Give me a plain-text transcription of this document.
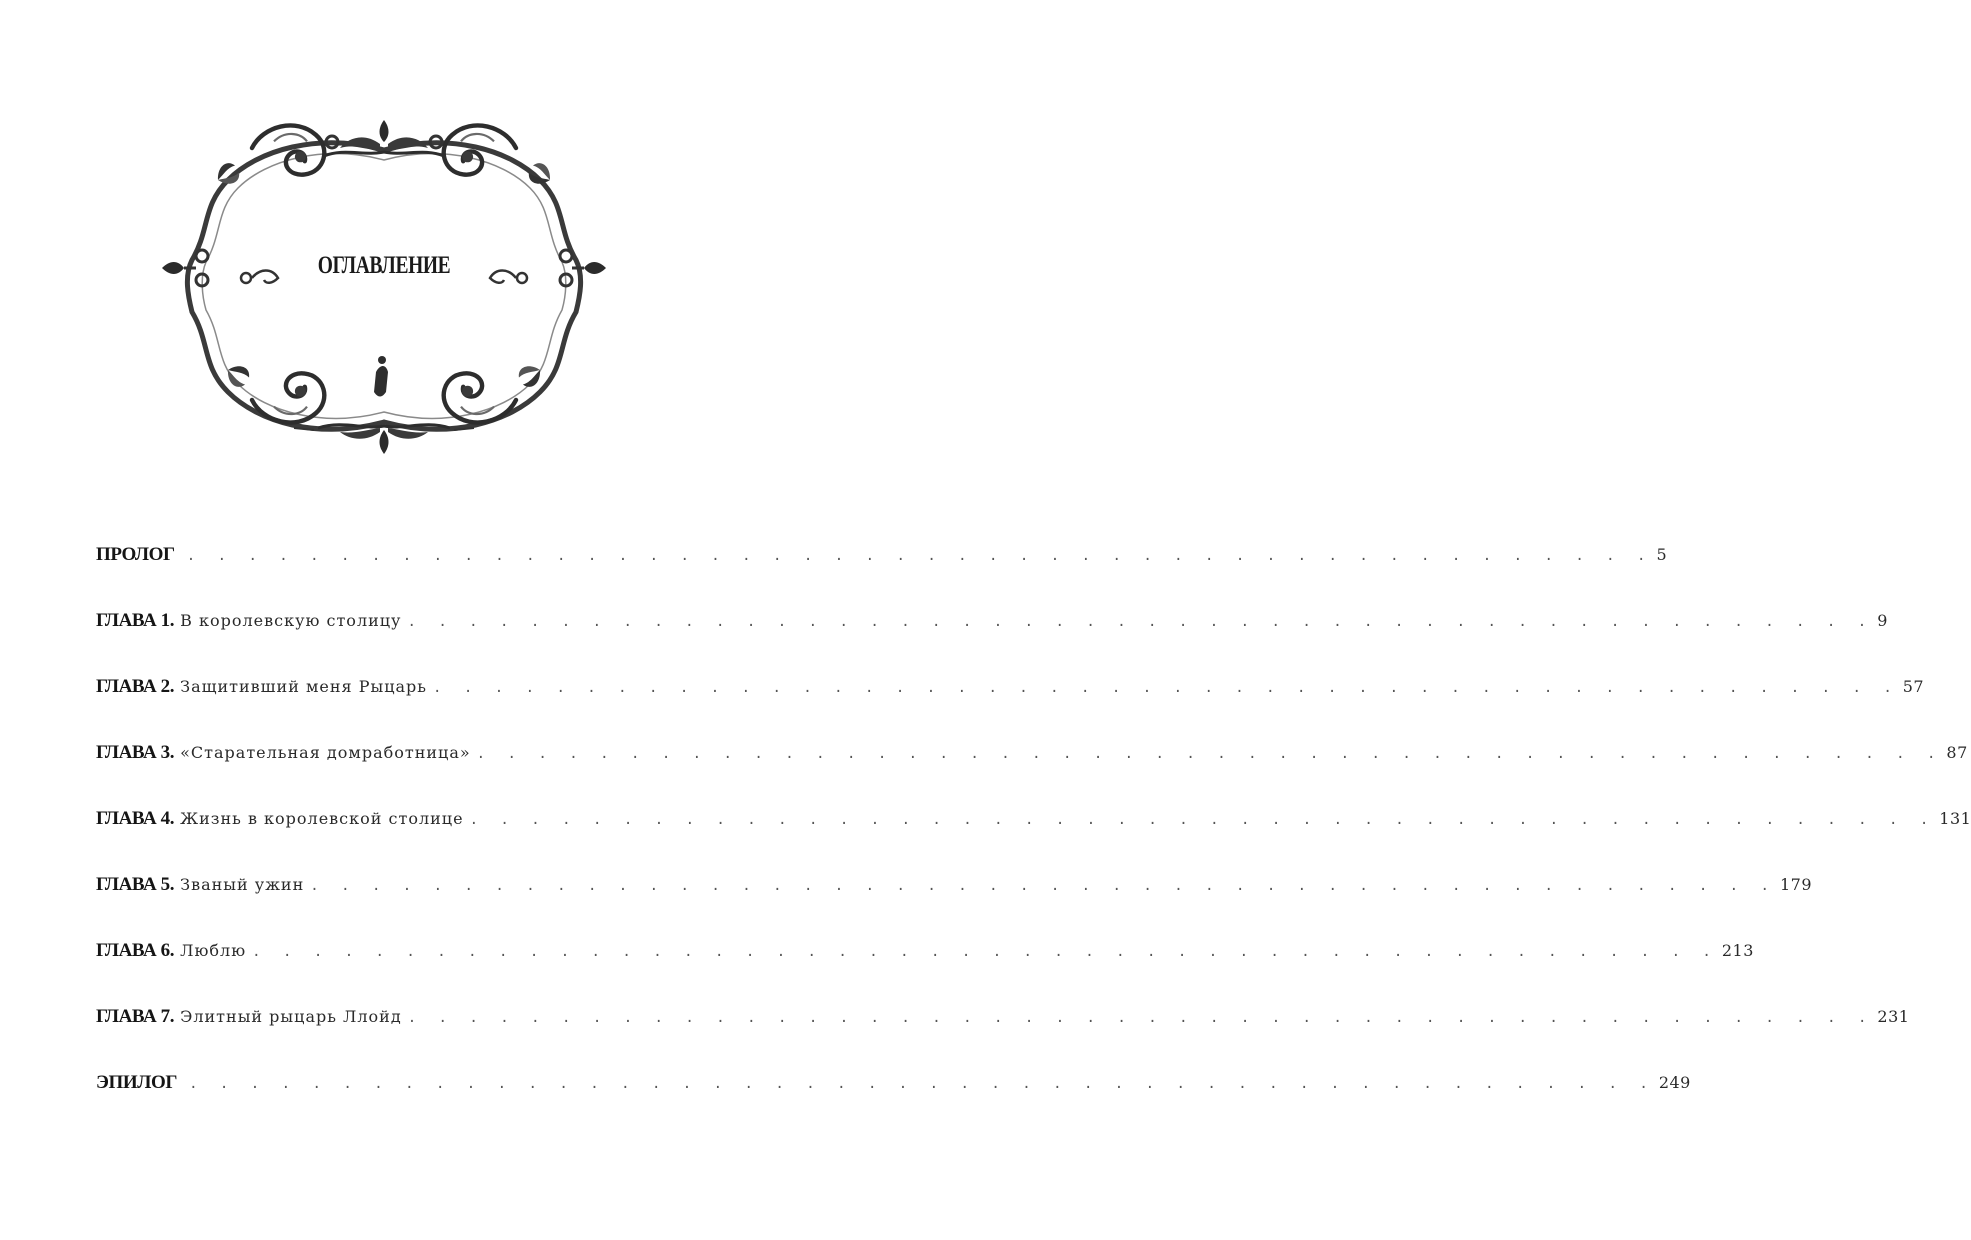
ОГЛАВЛЕНИЕ
ПРОЛОГ . . . . . . . . . . . . . . . . . . . . . . . . . . . . . . . . . . . . . . . . . . . . . . . . 5
ГЛАВА 1. В королевскую столицу . . . . . . . . . . . . . . . . . . . . . . . . . . . . . . . . . . . . . . . . . . . . . . . . 9
ГЛАВА 2. Защитивший меня Рыцарь . . . . . . . . . . . . . . . . . . . . . . . . . . . . . . . . . . . . . . . . . . . . . . . . 57
ГЛАВА 3. «Старательная домработница» . . . . . . . . . . . . . . . . . . . . . . . . . . . . . . . . . . . . . . . . . . . . . . . . 87
ГЛАВА 4. Жизнь в королевской столице . . . . . . . . . . . . . . . . . . . . . . . . . . . . . . . . . . . . . . . . . . . . . . . . 131
ГЛАВА 5. Званый ужин . . . . . . . . . . . . . . . . . . . . . . . . . . . . . . . . . . . . . . . . . . . . . . . . 179
ГЛАВА 6. Люблю . . . . . . . . . . . . . . . . . . . . . . . . . . . . . . . . . . . . . . . . . . . . . . . . 213
ГЛАВА 7. Элитный рыцарь Ллойд . . . . . . . . . . . . . . . . . . . . . . . . . . . . . . . . . . . . . . . . . . . . . . . . 231
ЭПИЛОГ . . . . . . . . . . . . . . . . . . . . . . . . . . . . . . . . . . . . . . . . . . . . . . . . 249
